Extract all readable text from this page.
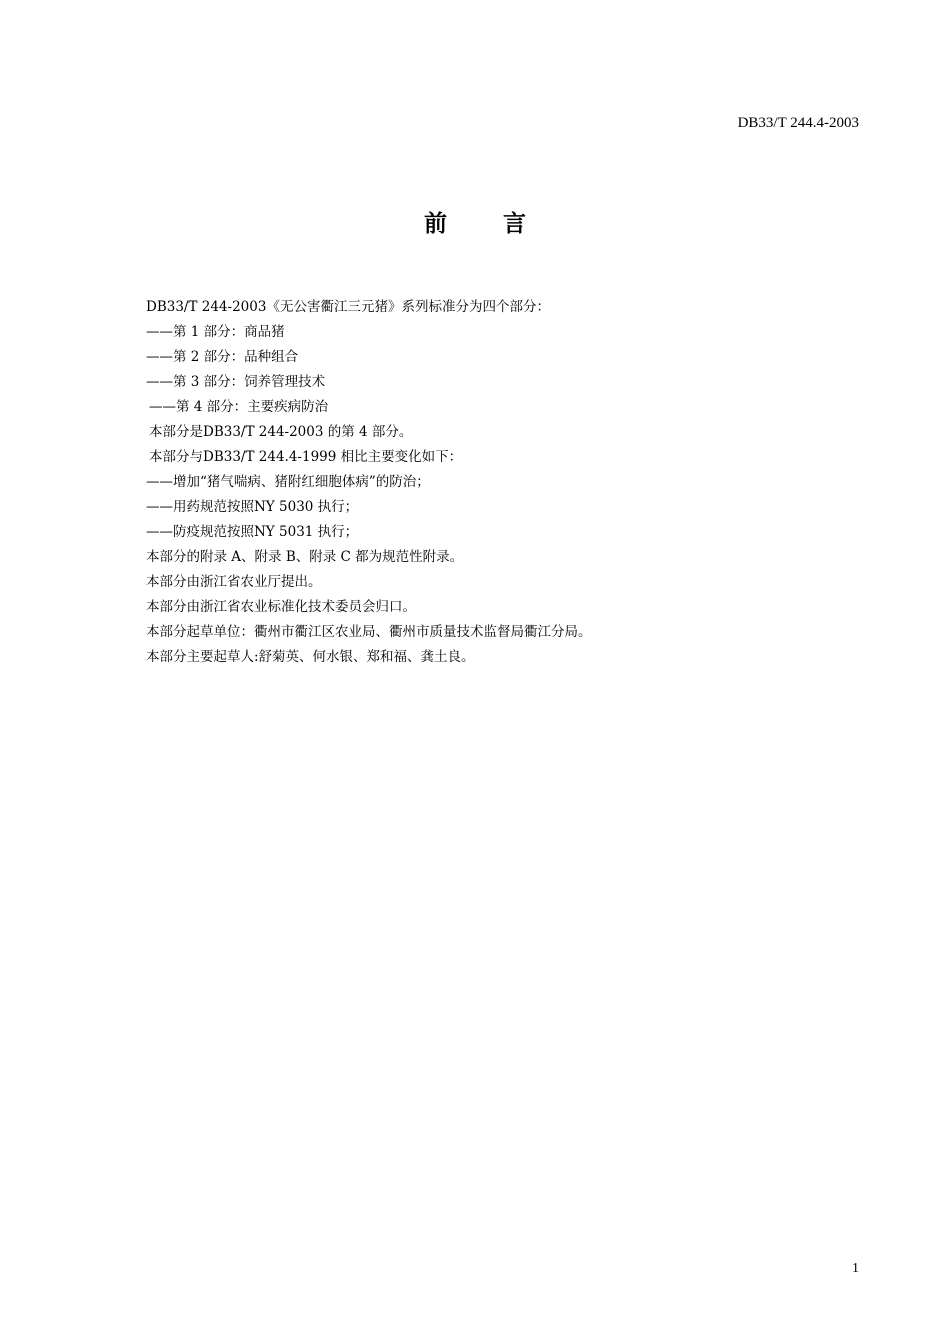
DB33/T 244.4-2003
前言
DB33/T 244-2003《无公害衢江三元猪》系列标准分为四个部分：
——第 1 部分：商品猪
——第 2 部分：品种组合
——第 3 部分：饲养管理技术
——第 4 部分：主要疾病防治
本部分是DB33/T 244-2003 的第 4 部分。
本部分与DB33/T 244.4-1999 相比主要变化如下：
——增加“猪气喘病、猪附红细胞体病”的防治；
——用药规范按照NY 5030 执行；
——防疫规范按照NY 5031 执行；
本部分的附录 A、附录 B、附录 C 都为规范性附录。
本部分由浙江省农业厅提出。
本部分由浙江省农业标准化技术委员会归口。
本部分起草单位：衢州市衢江区农业局、衢州市质量技术监督局衢江分局。
本部分主要起草人:舒菊英、何水银、郑和福、龚土良。
1
